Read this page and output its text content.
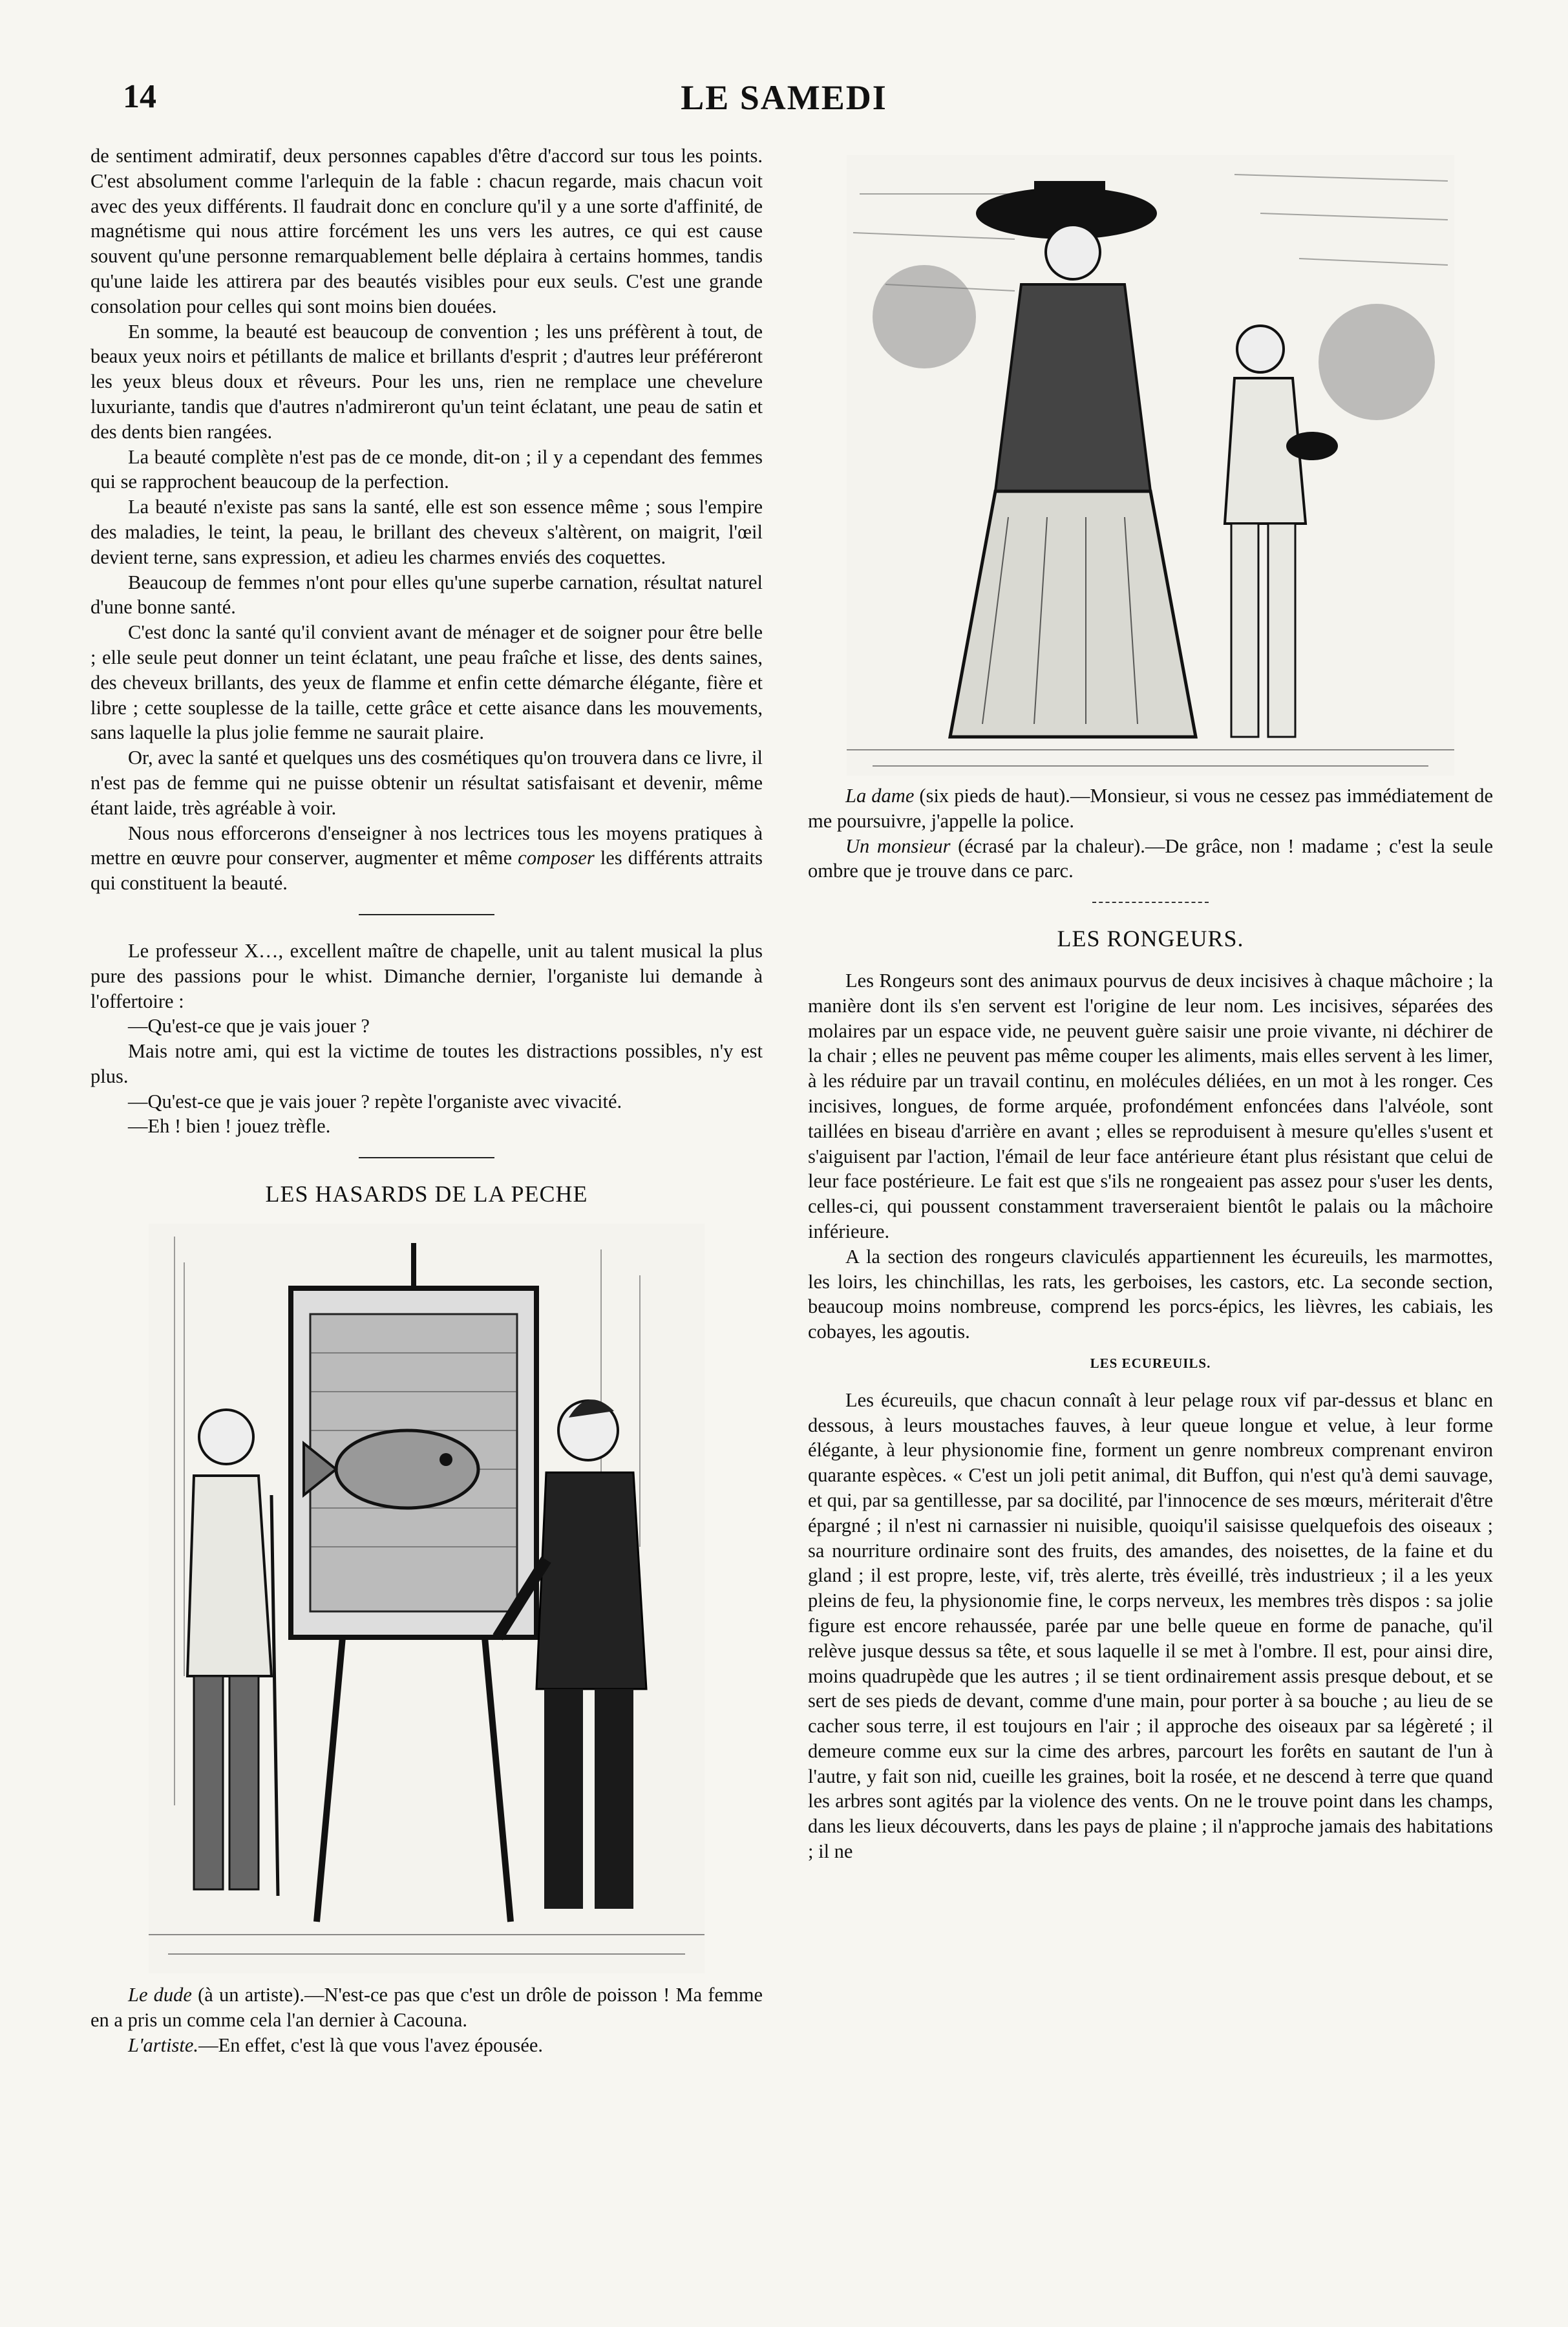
14	LE SAMEDI

de sentiment admiratif, deux personnes capables d'être d'accord sur tous les points. C'est absolument comme l'arlequin de la fable : chacun regarde, mais chacun voit avec des yeux différents. Il faudrait donc en conclure qu'il y a une sorte d'affinité, de magnétisme qui nous attire forcément les uns vers les autres, ce qui est cause souvent qu'une personne remarquablement belle déplaira à certains hommes, tandis qu'une laide les attirera par des beautés visibles pour eux seuls. C'est une grande consolation pour celles qui sont moins bien douées.

En somme, la beauté est beaucoup de convention ; les uns préfèrent à tout, de beaux yeux noirs et pétillants de malice et brillants d'esprit ; d'autres leur préféreront les yeux bleus doux et rêveurs. Pour les uns, rien ne remplace une chevelure luxuriante, tandis que d'autres n'admireront qu'un teint éclatant, une peau de satin et des dents bien rangées.

La beauté complète n'est pas de ce monde, dit-on ; il y a cependant des femmes qui se rapprochent beaucoup de la perfection.

La beauté n'existe pas sans la santé, elle est son essence même ; sous l'empire des maladies, le teint, la peau, le brillant des cheveux s'altèrent, on maigrit, l'œil devient terne, sans expression, et adieu les charmes enviés des coquettes.

Beaucoup de femmes n'ont pour elles qu'une superbe carnation, résultat naturel d'une bonne santé.

C'est donc la santé qu'il convient avant de ménager et de soigner pour être belle ; elle seule peut donner un teint éclatant, une peau fraîche et lisse, des dents saines, des cheveux brillants, des yeux de flamme et enfin cette démarche élégante, fière et libre ; cette souplesse de la taille, cette grâce et cette aisance dans les mouvements, sans laquelle la plus jolie femme ne saurait plaire.

Or, avec la santé et quelques uns des cosmétiques qu'on trouvera dans ce livre, il n'est pas de femme qui ne puisse obtenir un résultat satisfaisant et devenir, même étant laide, très agréable à voir.

Nous nous efforcerons d'enseigner à nos lectrices tous les moyens pratiques à mettre en œuvre pour conserver, augmenter et même composer les différents attraits qui constituent la beauté.

Le professeur X…, excellent maître de chapelle, unit au talent musical la plus pure des passions pour le whist. Dimanche dernier, l'organiste lui demande à l'offertoire :

—Qu'est-ce que je vais jouer ?

Mais notre ami, qui est la victime de toutes les distractions possibles, n'y est plus.

—Qu'est-ce que je vais jouer ? repète l'organiste avec vivacité.

—Eh ! bien ! jouez trèfle.

LES HASARDS DE LA PECHE

Le dude (à un artiste).—N'est-ce pas que c'est un drôle de poisson ! Ma femme en a pris un comme cela l'an dernier à Cacouna.

L'artiste.—En effet, c'est là que vous l'avez épousée.

La dame (six pieds de haut).—Monsieur, si vous ne cessez pas immédiatement de me poursuivre, j'appelle la police.

Un monsieur (écrasé par la chaleur).—De grâce, non ! madame ; c'est la seule ombre que je trouve dans ce parc.

LES RONGEURS.

Les Rongeurs sont des animaux pourvus de deux incisives à chaque mâchoire ; la manière dont ils s'en servent est l'origine de leur nom. Les incisives, séparées des molaires par un espace vide, ne peuvent guère saisir une proie vivante, ni déchirer de la chair ; elles ne peuvent pas même couper les aliments, mais elles servent à les limer, à les réduire par un travail continu, en molécules déliées, en un mot à les ronger. Ces incisives, longues, de forme arquée, profondément enfoncées dans l'alvéole, sont taillées en biseau d'arrière en avant ; elles se reproduisent à mesure qu'elles s'usent et s'aiguisent par l'action, l'émail de leur face antérieure étant plus résistant que celui de leur face postérieure. Le fait est que s'ils ne rongeaient pas assez pour s'user les dents, celles-ci, qui poussent constamment traverseraient bientôt le palais ou la mâchoire inférieure.

A la section des rongeurs claviculés appartiennent les écureuils, les marmottes, les loirs, les chinchillas, les rats, les gerboises, les castors, etc. La seconde section, beaucoup moins nombreuse, comprend les porcs-épics, les lièvres, les cabiais, les cobayes, les agoutis.

LES ECUREUILS.

Les écureuils, que chacun connaît à leur pelage roux vif par-dessus et blanc en dessous, à leurs moustaches fauves, à leur queue longue et velue, à leur forme élégante, à leur physionomie fine, forment un genre nombreux comprenant environ quarante espèces. « C'est un joli petit animal, dit Buffon, qui n'est qu'à demi sauvage, et qui, par sa gentillesse, par sa docilité, par l'innocence de ses mœurs, mériterait d'être épargné ; il n'est ni carnassier ni nuisible, quoiqu'il saisisse quelquefois des oiseaux ; sa nourriture ordinaire sont des fruits, des amandes, des noisettes, de la faine et du gland ; il est propre, leste, vif, très alerte, très éveillé, très industrieux ; il a les yeux pleins de feu, la physionomie fine, le corps nerveux, les membres très dispos : sa jolie figure est encore rehaussée, parée par une belle queue en forme de panache, qu'il relève jusque dessus sa tête, et sous laquelle il se met à l'ombre. Il est, pour ainsi dire, moins quadrupède que les autres ; il se tient ordinairement assis presque debout, et se sert de ses pieds de devant, comme d'une main, pour porter à sa bouche ; au lieu de se cacher sous terre, il est toujours en l'air ; il approche des oiseaux par sa légèreté ; il demeure comme eux sur la cime des arbres, parcourt les forêts en sautant de l'un à l'autre, y fait son nid, cueille les graines, boit la rosée, et ne descend à terre que quand les arbres sont agités par la violence des vents. On ne le trouve point dans les champs, dans les lieux découverts, dans les pays de plaine ; il n'approche jamais des habitations ; il ne
